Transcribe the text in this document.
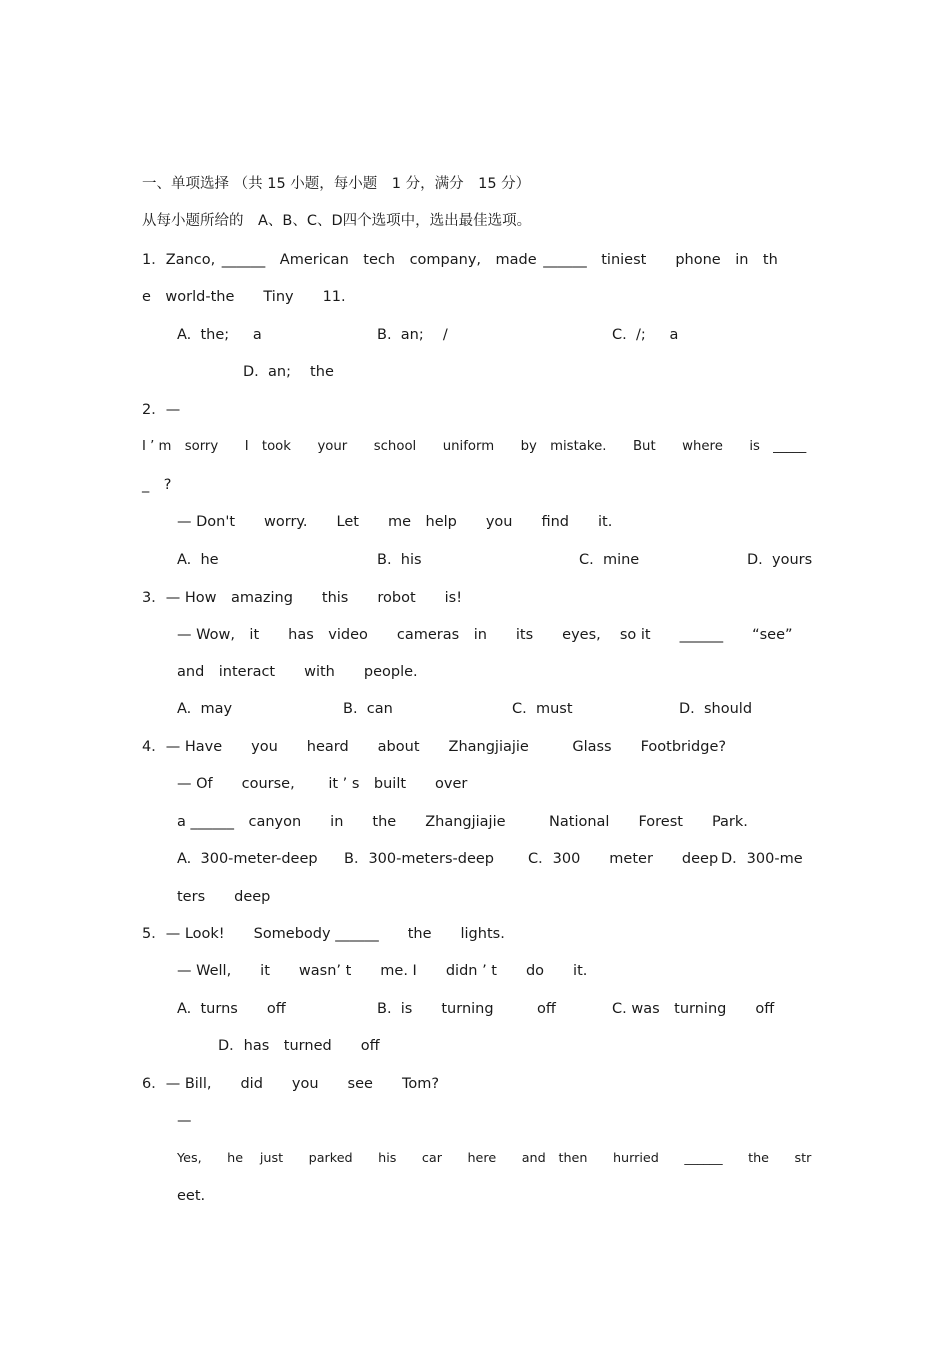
一、单项选择 （共 15 小题，每小题　1 分，满分　15 分）
从每小题所给的　A、B、C、D四个选项中，选出最佳选项。
1．Zanco, ______　American　tech　company,　made ______　tiniest　　phone　in　th
e　world-the　　Tiny　　11.
A.  the;　  a	B.  an;　 /	C.  /;　  a
D.  an;　 the
2．—
I ’ m　sorry　　I　took　　your　　school　　uniform　　by　mistake.　　But　　where　　is　_____
_　?
— Don't　　worry.　　Let　　me　help　　you　　find　　it.
A.  he	B.  his	C.  mine	D.  yours
3．— How　amazing　　this　　robot　　is!
— Wow,　it　　has　video　　cameras　in　　its　　eyes,　 so it　　______　　“see”
and　interact　　with　　people.
A.  may	B.  can	C.  must	D.  should
4．— Have　　you　　heard　　about　　Zhangjiajie　　　Glass　　Footbridge?
— Of　　course,　　 it ’ s　built　　over
a ______　canyon　　in　　the　　Zhangjiajie　　　National　　Forest　　Park.
A.  300-meter-deep B．300-meters-deep C．300　　meter　　deep D．300-me
ters　　deep
5．— Look!　　Somebody ______　　the　　lights.
— Well,　　it　　wasn’ t　　me. I　　didn ’ t　　do　　it.
A.  turns　　off	B.  is　　turning　　　off	C. was　turning　　off
D．has　turned　　off
6．— Bill,　　did　　you　　see　　Tom?
—
Yes,　　he　 just　　parked　　his　　car　　here　　and　then　　hurried　　______　　the　　str
eet.
